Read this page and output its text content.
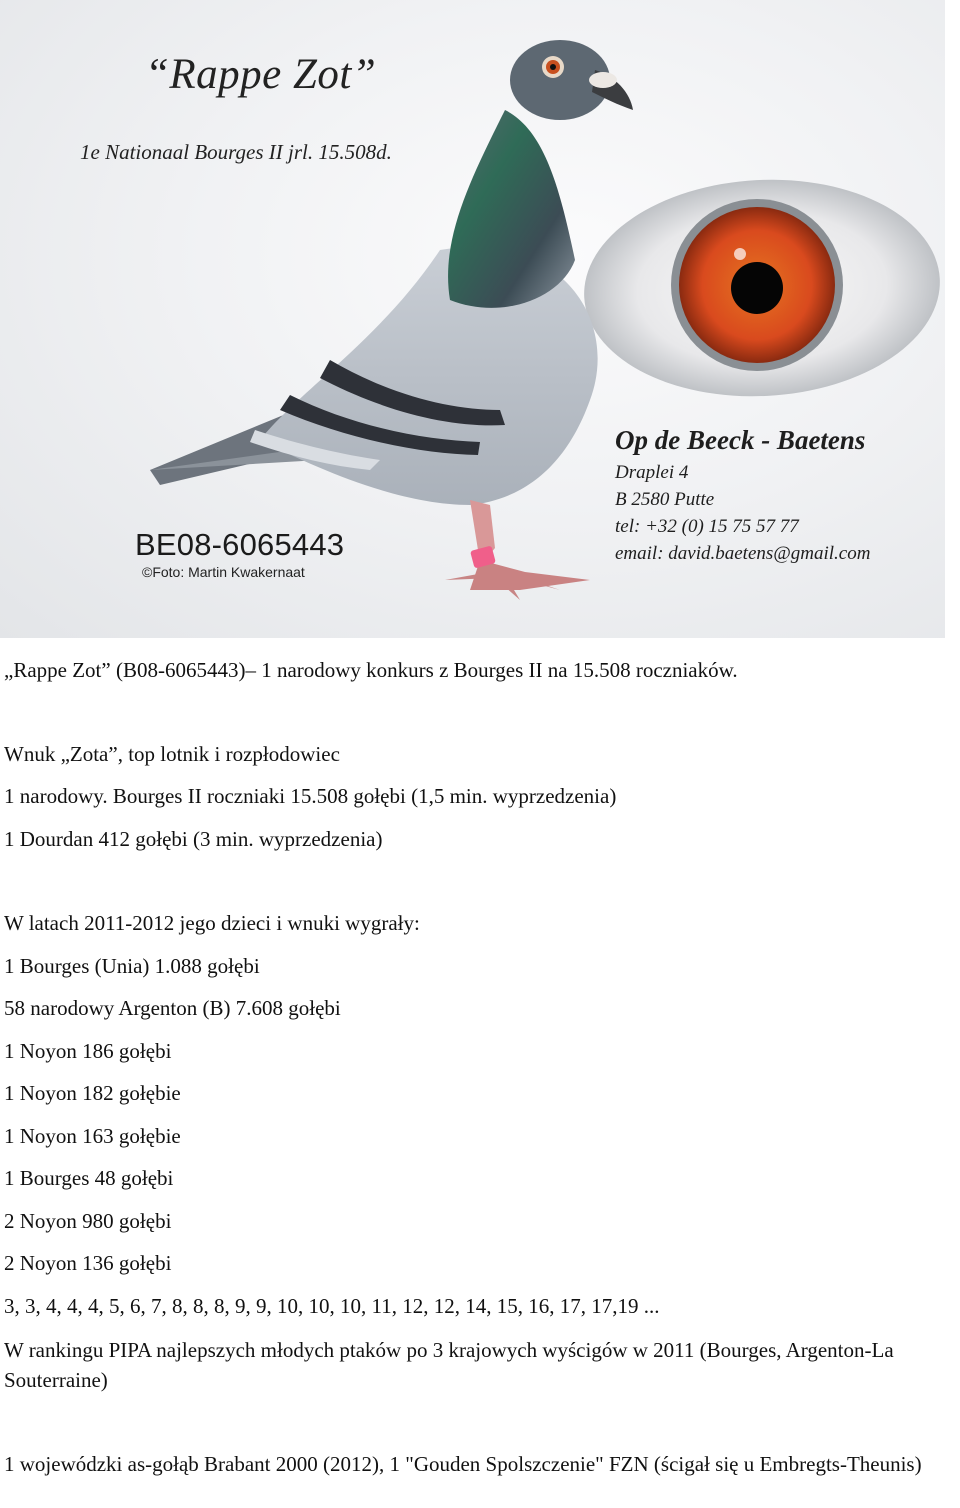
“Rappe Zot”
1e Nationaal Bourges II jrl. 15.508d.
BE08-6065443
©Foto: Martin Kwakernaat
Op de Beeck - Baetens
Draplei 4
B 2580 Putte
tel: +32 (0) 15 75 57 77
email: david.baetens@gmail.com
„Rappe Zot” (B08-6065443)– 1 narodowy konkurs z Bourges II na 15.508 roczniaków.
Wnuk „Zota”, top lotnik i rozpłodowiec
1 narodowy. Bourges II roczniaki 15.508 gołębi (1,5 min. wyprzedzenia)
1 Dourdan 412 gołębi (3 min. wyprzedzenia)
W latach 2011-2012 jego dzieci i wnuki wygrały:
1 Bourges (Unia) 1.088 gołębi
58 narodowy Argenton (B) 7.608 gołębi
1 Noyon 186 gołębi
1 Noyon 182 gołębie
1 Noyon 163 gołębie
1 Bourges 48 gołębi
2 Noyon 980 gołębi
2 Noyon 136 gołębi
3, 3, 4, 4, 4, 5, 6, 7, 8, 8, 8, 9, 9, 10, 10, 10, 11, 12, 12, 14, 15, 16, 17, 17,19 ...
W rankingu PIPA najlepszych młodych ptaków po 3 krajowych wyścigów w 2011 (Bourges, Argenton-La Souterraine)
1 wojewódzki as-gołąb Brabant 2000 (2012), 1 "Gouden Spolszczenie" FZN (ścigał się u Embregts-Theunis)
